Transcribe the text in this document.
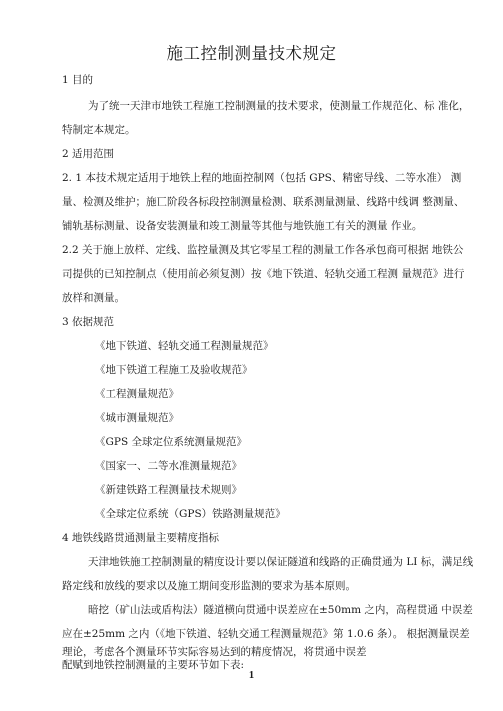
施工控制测量技术规定
1 目的
为了统一天津市地铁工程施工控制测量的技术要求，使测量工作规范化、标 准化，
特制定本规定。
2 适用范围
2. 1 本技术规定适用于地铁上程的地面控制网（包括 GPS、精密导线、二等水准） 测
量、检测及维护；施匸阶段各标段控制测量检测、联系测量测量、线路中线调 整测量、
铺轨基标测量、设备安装测量和竣工测量等其他与地铁施工有关的测量 作业。
2.2 关于施上放样、定线、监控量测及其它零星工程的测量工作各承包商可根据 地铁公
司提供的已知控制点（使用前必须复测）按《地下铁道、轻轨交通工程测 量规范》进行
放样和测量。
3 依据规范
《地下铁道、轻轨交通工程测量规范》
《地下铁道工程施工及验收规范》
《工程测量规范》
《城市测量规范》
《GPS 全球定位系统测量规范》
《国家一、二等水准测量规范》
《新建铁路工程测量技术规则》
《全球定位系统（GPS）铁路测量规范》
4 地铁线路贯通测量主要精度指标
天津地铁施工控制测量的精度设计要以保证隧道和线路的正确贯通为 LI 标，满足线
路定线和放线的要求以及施工期间变形监测的要求为基本原则。
暗挖（矿山法或盾构法）隧道横向贯通中误差应在±50mm 之内，高程贯通 中误差
应在±25mm 之内（《地下铁道、轻轨交通工程测量规范》第 1.0.6 条）。 根据测量误差
理论，考虑各个测量环节实际容易达到的精度情况，将贯通中误差
配赋到地铁控制测量的主要环节如下表:
1
